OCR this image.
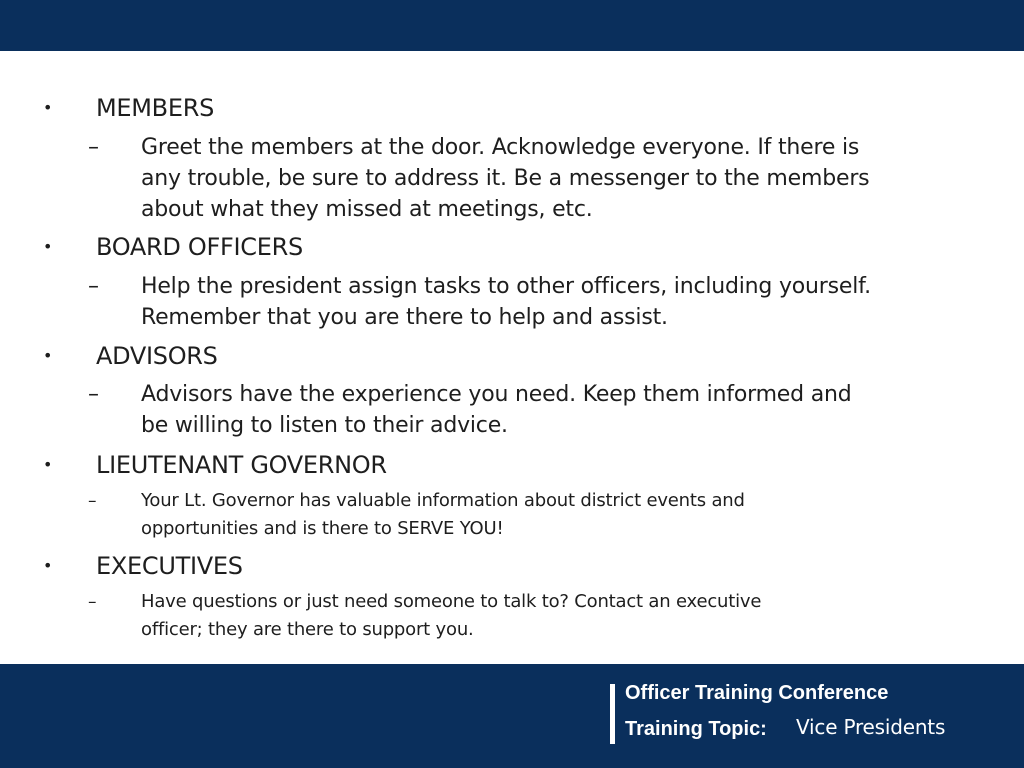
• MEMBERS
– Greet the members at the door. Acknowledge everyone. If there is
any trouble, be sure to address it. Be a messenger to the members
about what they missed at meetings, etc.
• BOARD OFFICERS
– Help the president assign tasks to other officers, including yourself.
Remember that you are there to help and assist.
• ADVISORS
– Advisors have the experience you need. Keep them informed and
be willing to listen to their advice.
• LIEUTENANT GOVERNOR
– Your Lt. Governor has valuable information about district events and
opportunities and is there to SERVE YOU!
• EXECUTIVES
– Have questions or just need someone to talk to? Contact an executive
officer; they are there to support you.
Officer Training Conference
Training Topic: Vice Presidents
